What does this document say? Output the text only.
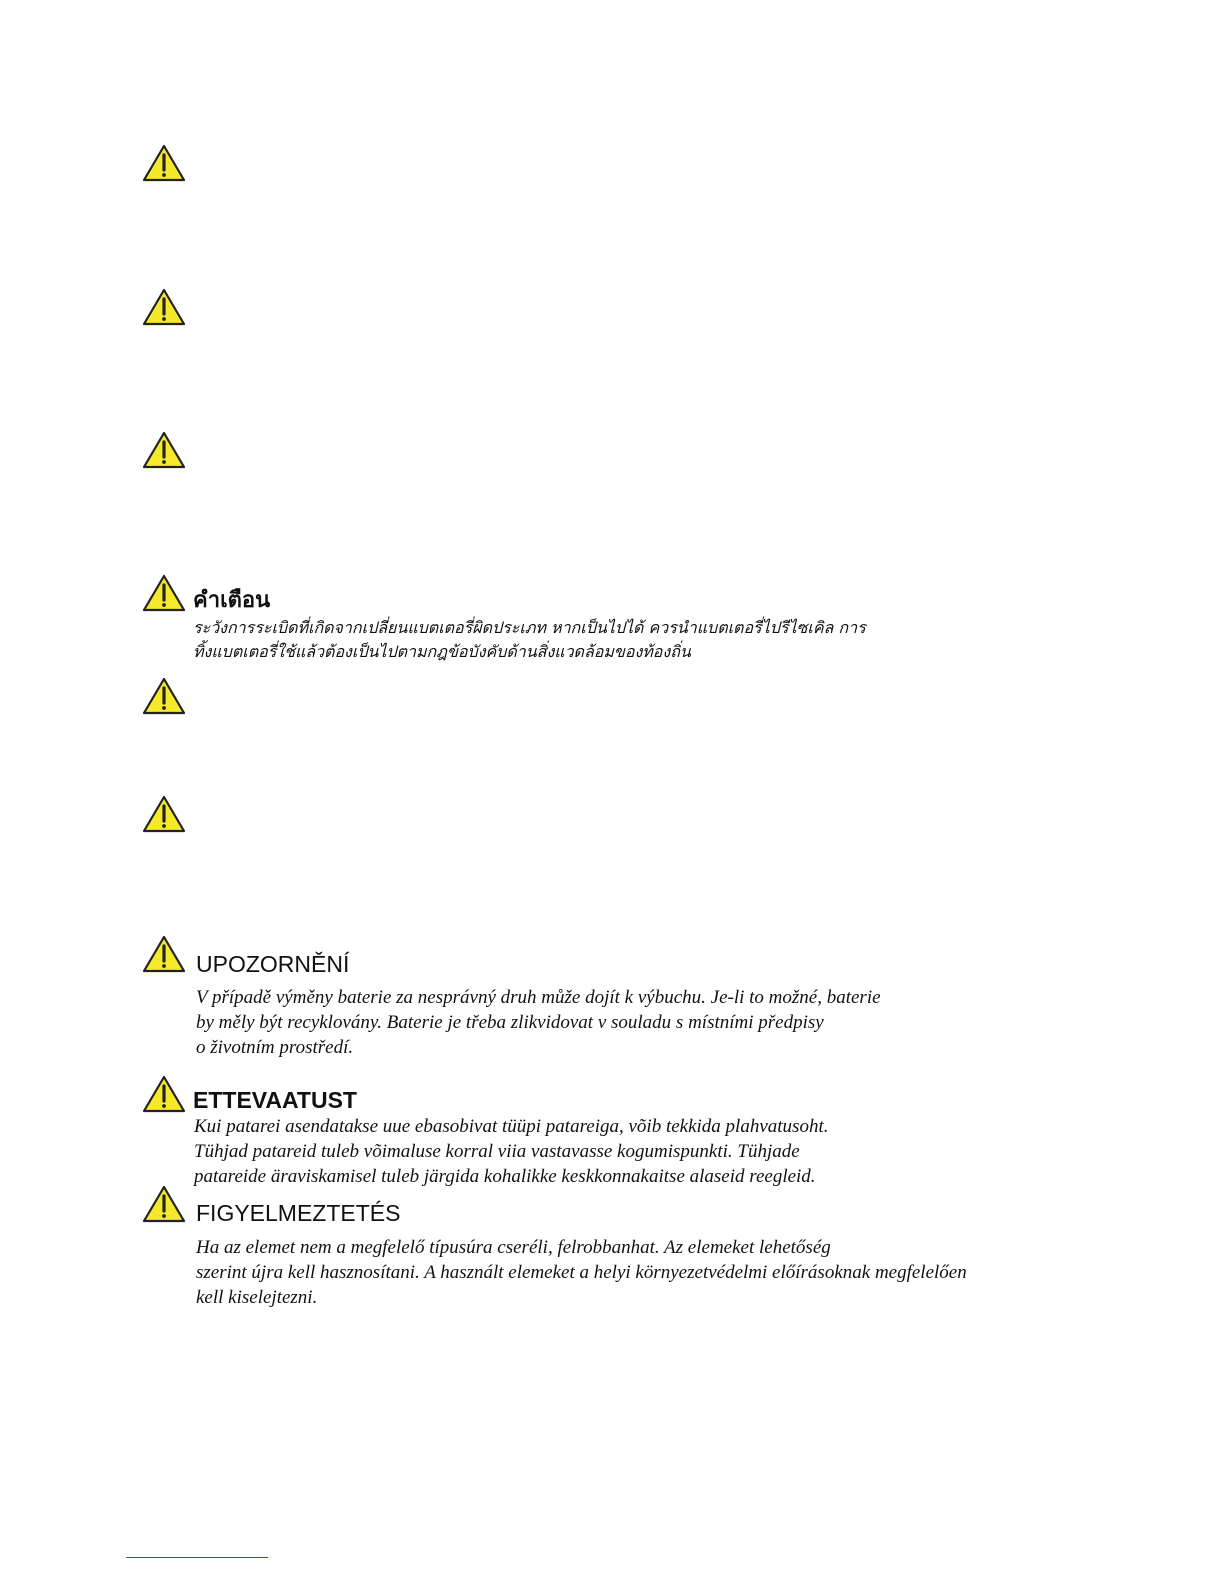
คำเตือน
ระวังการระเบิดที่เกิดจากเปลี่ยนแบตเตอรี่ผิดประเภท หากเป็นไปได้ ควรนำแบตเตอรี่ไปรีไซเคิล การ
ทิ้งแบตเตอรี่ใช้แล้วต้องเป็นไปตามกฎข้อบังคับด้านสิ่งแวดล้อมของท้องถิ่น
UPOZORNĚNÍ
V případě výměny baterie za nesprávný druh může dojít k výbuchu. Je-li to možné, baterie
by měly být recyklovány. Baterie je třeba zlikvidovat v souladu s místními předpisy
o životním prostředí.
ETTEVAATUST
Kui patarei asendatakse uue ebasobivat tüüpi patareiga, võib tekkida plahvatusoht.
Tühjad patareid tuleb võimaluse korral viia vastavasse kogumispunkti. Tühjade
patareide äraviskamisel tuleb järgida kohalikke keskkonnakaitse alaseid reegleid.
FIGYELMEZTETÉS
Ha az elemet nem a megfelelő típusúra cseréli, felrobbanhat. Az elemeket lehetőség
szerint újra kell hasznosítani. A használt elemeket a helyi környezetvédelmi előírásoknak megfelelően
kell kiselejtezni.
